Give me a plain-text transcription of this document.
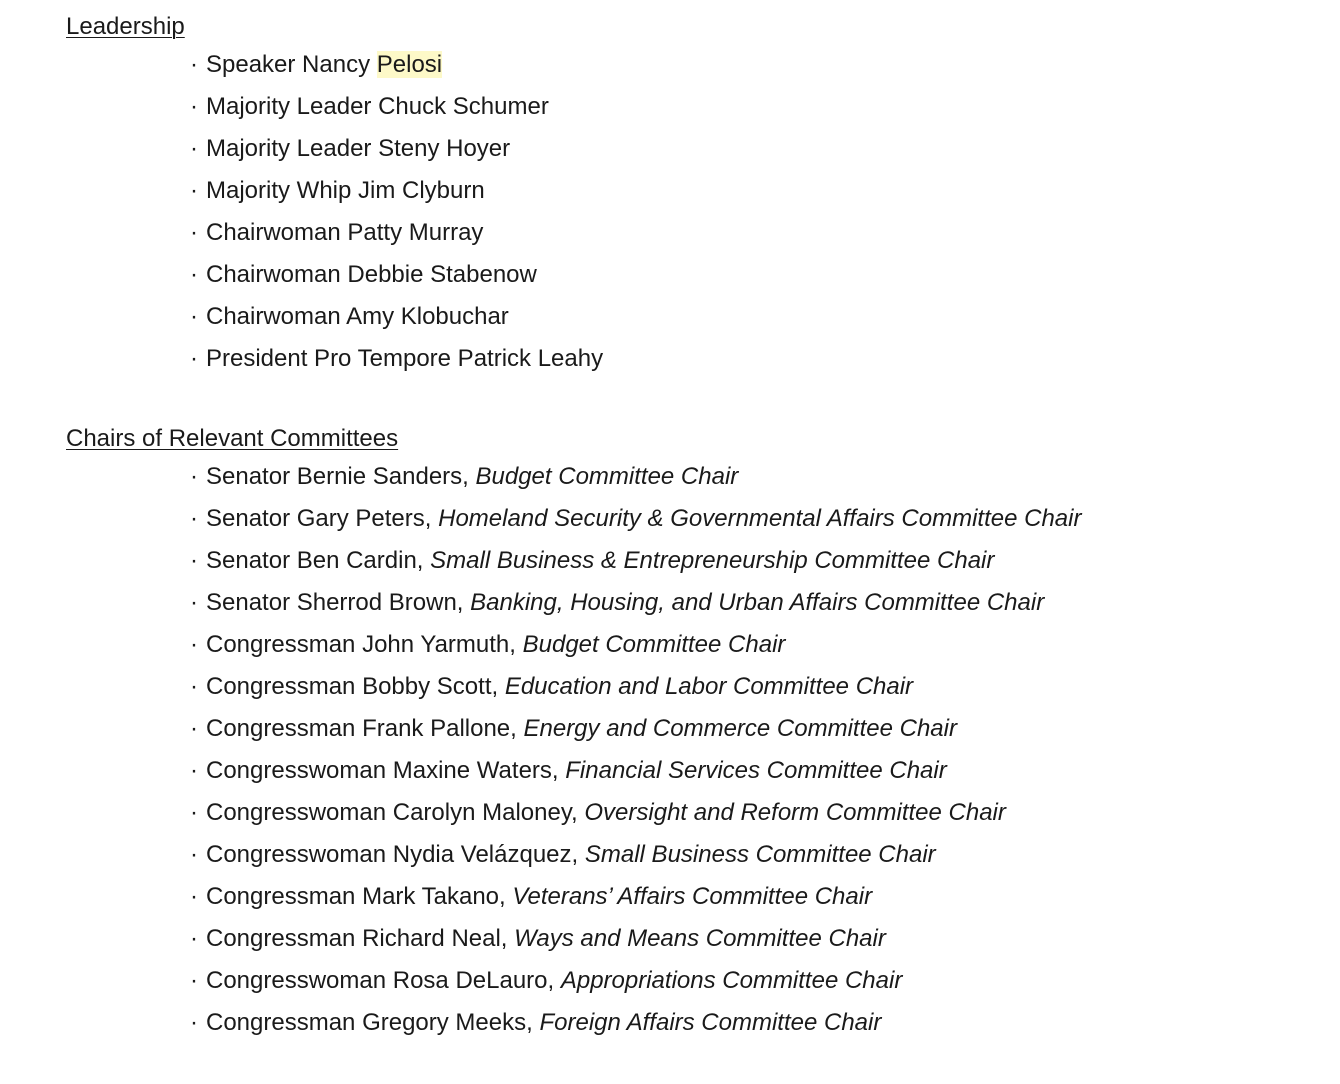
Leadership
· Speaker Nancy Pelosi
· Majority Leader Chuck Schumer
· Majority Leader Steny Hoyer
· Majority Whip Jim Clyburn
· Chairwoman Patty Murray
· Chairwoman Debbie Stabenow
· Chairwoman Amy Klobuchar
· President Pro Tempore Patrick Leahy
Chairs of Relevant Committees
· Senator Bernie Sanders, Budget Committee Chair
· Senator Gary Peters, Homeland Security & Governmental Affairs Committee Chair
· Senator Ben Cardin, Small Business & Entrepreneurship Committee Chair
· Senator Sherrod Brown, Banking, Housing, and Urban Affairs Committee Chair
· Congressman John Yarmuth, Budget Committee Chair
· Congressman Bobby Scott, Education and Labor Committee Chair
· Congressman Frank Pallone, Energy and Commerce Committee Chair
· Congresswoman Maxine Waters, Financial Services Committee Chair
· Congresswoman Carolyn Maloney, Oversight and Reform Committee Chair
· Congresswoman Nydia Velázquez, Small Business Committee Chair
· Congressman Mark Takano, Veterans’ Affairs Committee Chair
· Congressman Richard Neal, Ways and Means Committee Chair
· Congresswoman Rosa DeLauro, Appropriations Committee Chair
· Congressman Gregory Meeks, Foreign Affairs Committee Chair
